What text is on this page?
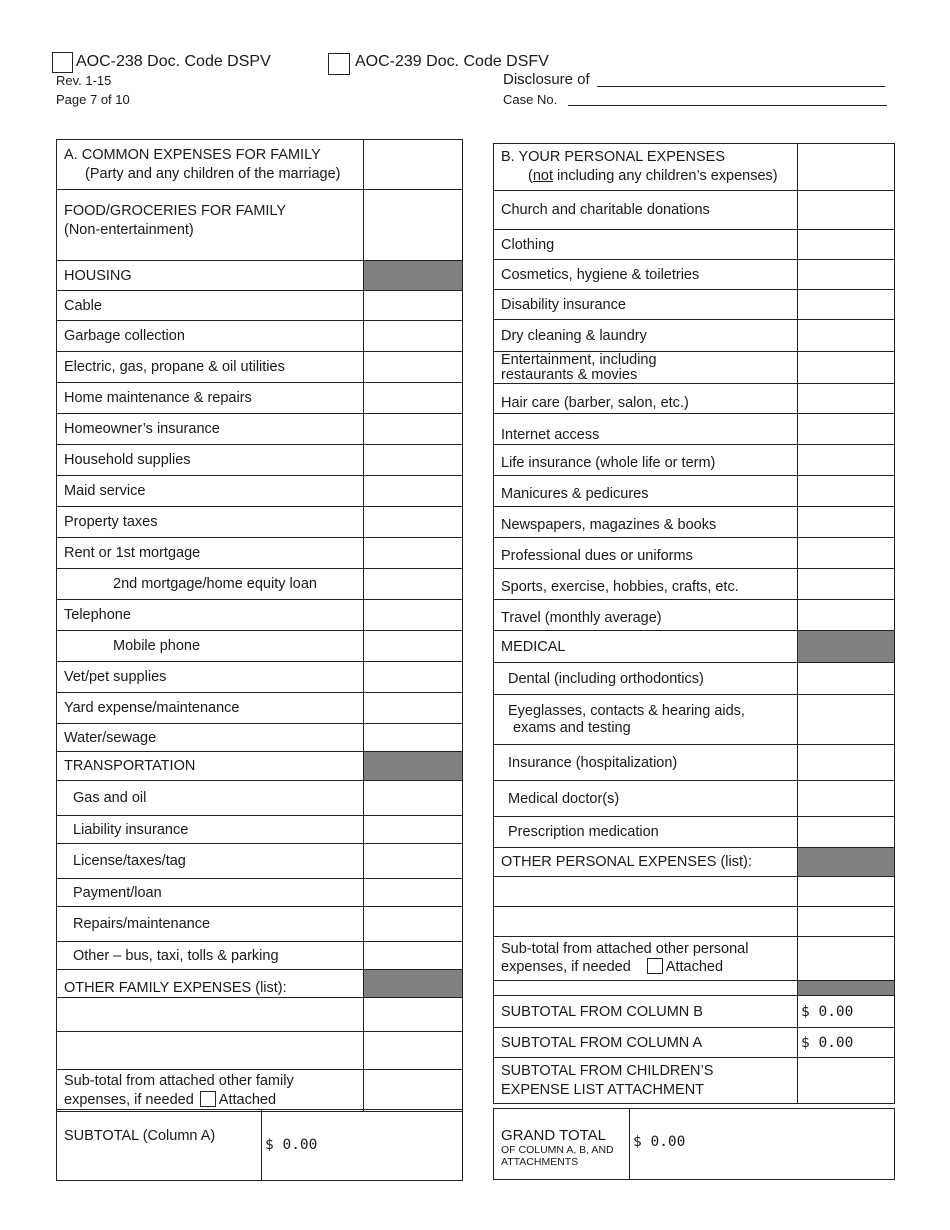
AOC-238 Doc. Code DSPV	AOC-239 Doc. Code DSFV
Rev. 1-15
Page 7 of 10
Disclosure of
Case No.
A. COMMON EXPENSES FOR FAMILY
(Party and any children of the marriage)	

FOOD/GROCERIES FOR FAMILY
(Non-entertainment)	

HOUSING	
Cable	
Garbage collection	
Electric, gas, propane & oil utilities	
Home maintenance & repairs	
Homeowner’s insurance	
Household supplies	
Maid service	
Property taxes	
Rent or 1st mortgage	
2nd mortgage/home equity loan	
Telephone	
Mobile phone	
Vet/pet supplies	
Yard expense/maintenance	
Water/sewage	
TRANSPORTATION	
Gas and oil	
Liability insurance	
License/taxes/tag	
Payment/loan	
Repairs/maintenance	
Other – bus, taxi, tolls & parking	
OTHER FAMILY EXPENSES (list):	

Sub-total from attached other family
expenses, if needed Attached	

SUBTOTAL (Column A)	$ 0.00
B. YOUR PERSONAL EXPENSES
(not including any children’s expenses)	

Church and charitable donations	
Clothing	
Cosmetics, hygiene & toiletries	
Disability insurance	
Dry cleaning & laundry	

Entertainment, including
restaurants & movies	

Hair care (barber, salon, etc.)	
Internet access	
Life insurance (whole life or term)	
Manicures & pedicures	
Newspapers, magazines & books	
Professional dues or uniforms	
Sports, exercise, hobbies, crafts, etc.	
Travel (monthly average)	
MEDICAL	
Dental (including orthodontics)	

Eyeglasses, contacts & hearing aids,
exams and testing	

Insurance (hospitalization)	
Medical doctor(s)	
Prescription medication	
OTHER PERSONAL EXPENSES (list):	

Sub-total from attached other personal
expenses, if needed Attached	

SUBTOTAL FROM COLUMN B	$ 0.00
SUBTOTAL FROM COLUMN A	$ 0.00

SUBTOTAL FROM CHILDREN’S
EXPENSE LIST ATTACHMENT	

GRAND TOTAL
OF COLUMN A, B, AND
ATTACHMENTS
	$ 0.00
